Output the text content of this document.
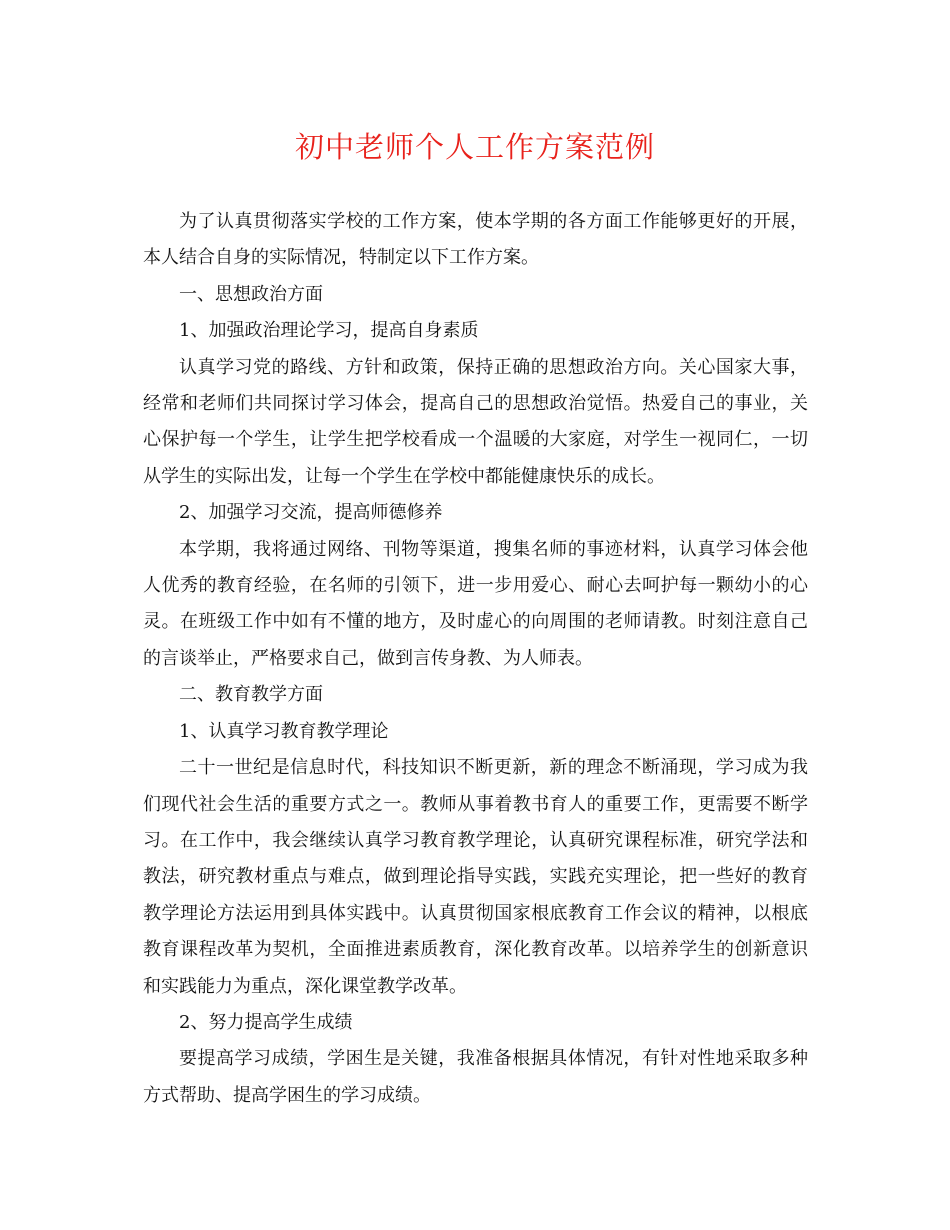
初中老师个人工作方案范例

为了认真贯彻落实学校的工作方案，使本学期的各方面工作能够更好的开展，本人结合自身的实际情况，特制定以下工作方案。

一、思想政治方面

1、加强政治理论学习，提高自身素质

认真学习党的路线、方针和政策，保持正确的思想政治方向。关心国家大事，经常和老师们共同探讨学习体会，提高自己的思想政治觉悟。热爱自己的事业，关心保护每一个学生，让学生把学校看成一个温暖的大家庭，对学生一视同仁，一切从学生的实际出发，让每一个学生在学校中都能健康快乐的成长。

2、加强学习交流，提高师德修养

本学期，我将通过网络、刊物等渠道，搜集名师的事迹材料，认真学习体会他人优秀的教育经验，在名师的引领下，进一步用爱心、耐心去呵护每一颗幼小的心灵。在班级工作中如有不懂的地方，及时虚心的向周围的老师请教。时刻注意自己的言谈举止，严格要求自己，做到言传身教、为人师表。

二、教育教学方面

1、认真学习教育教学理论

二十一世纪是信息时代，科技知识不断更新，新的理念不断涌现，学习成为我们现代社会生活的重要方式之一。教师从事着教书育人的重要工作，更需要不断学习。在工作中，我会继续认真学习教育教学理论，认真研究课程标准，研究学法和教法，研究教材重点与难点，做到理论指导实践，实践充实理论，把一些好的教育教学理论方法运用到具体实践中。认真贯彻国家根底教育工作会议的精神，以根底教育课程改革为契机，全面推进素质教育，深化教育改革。以培养学生的创新意识和实践能力为重点，深化课堂教学改革。

2、努力提高学生成绩

要提高学习成绩，学困生是关键，我准备根据具体情况，有针对性地采取多种方式帮助、提高学困生的学习成绩。
